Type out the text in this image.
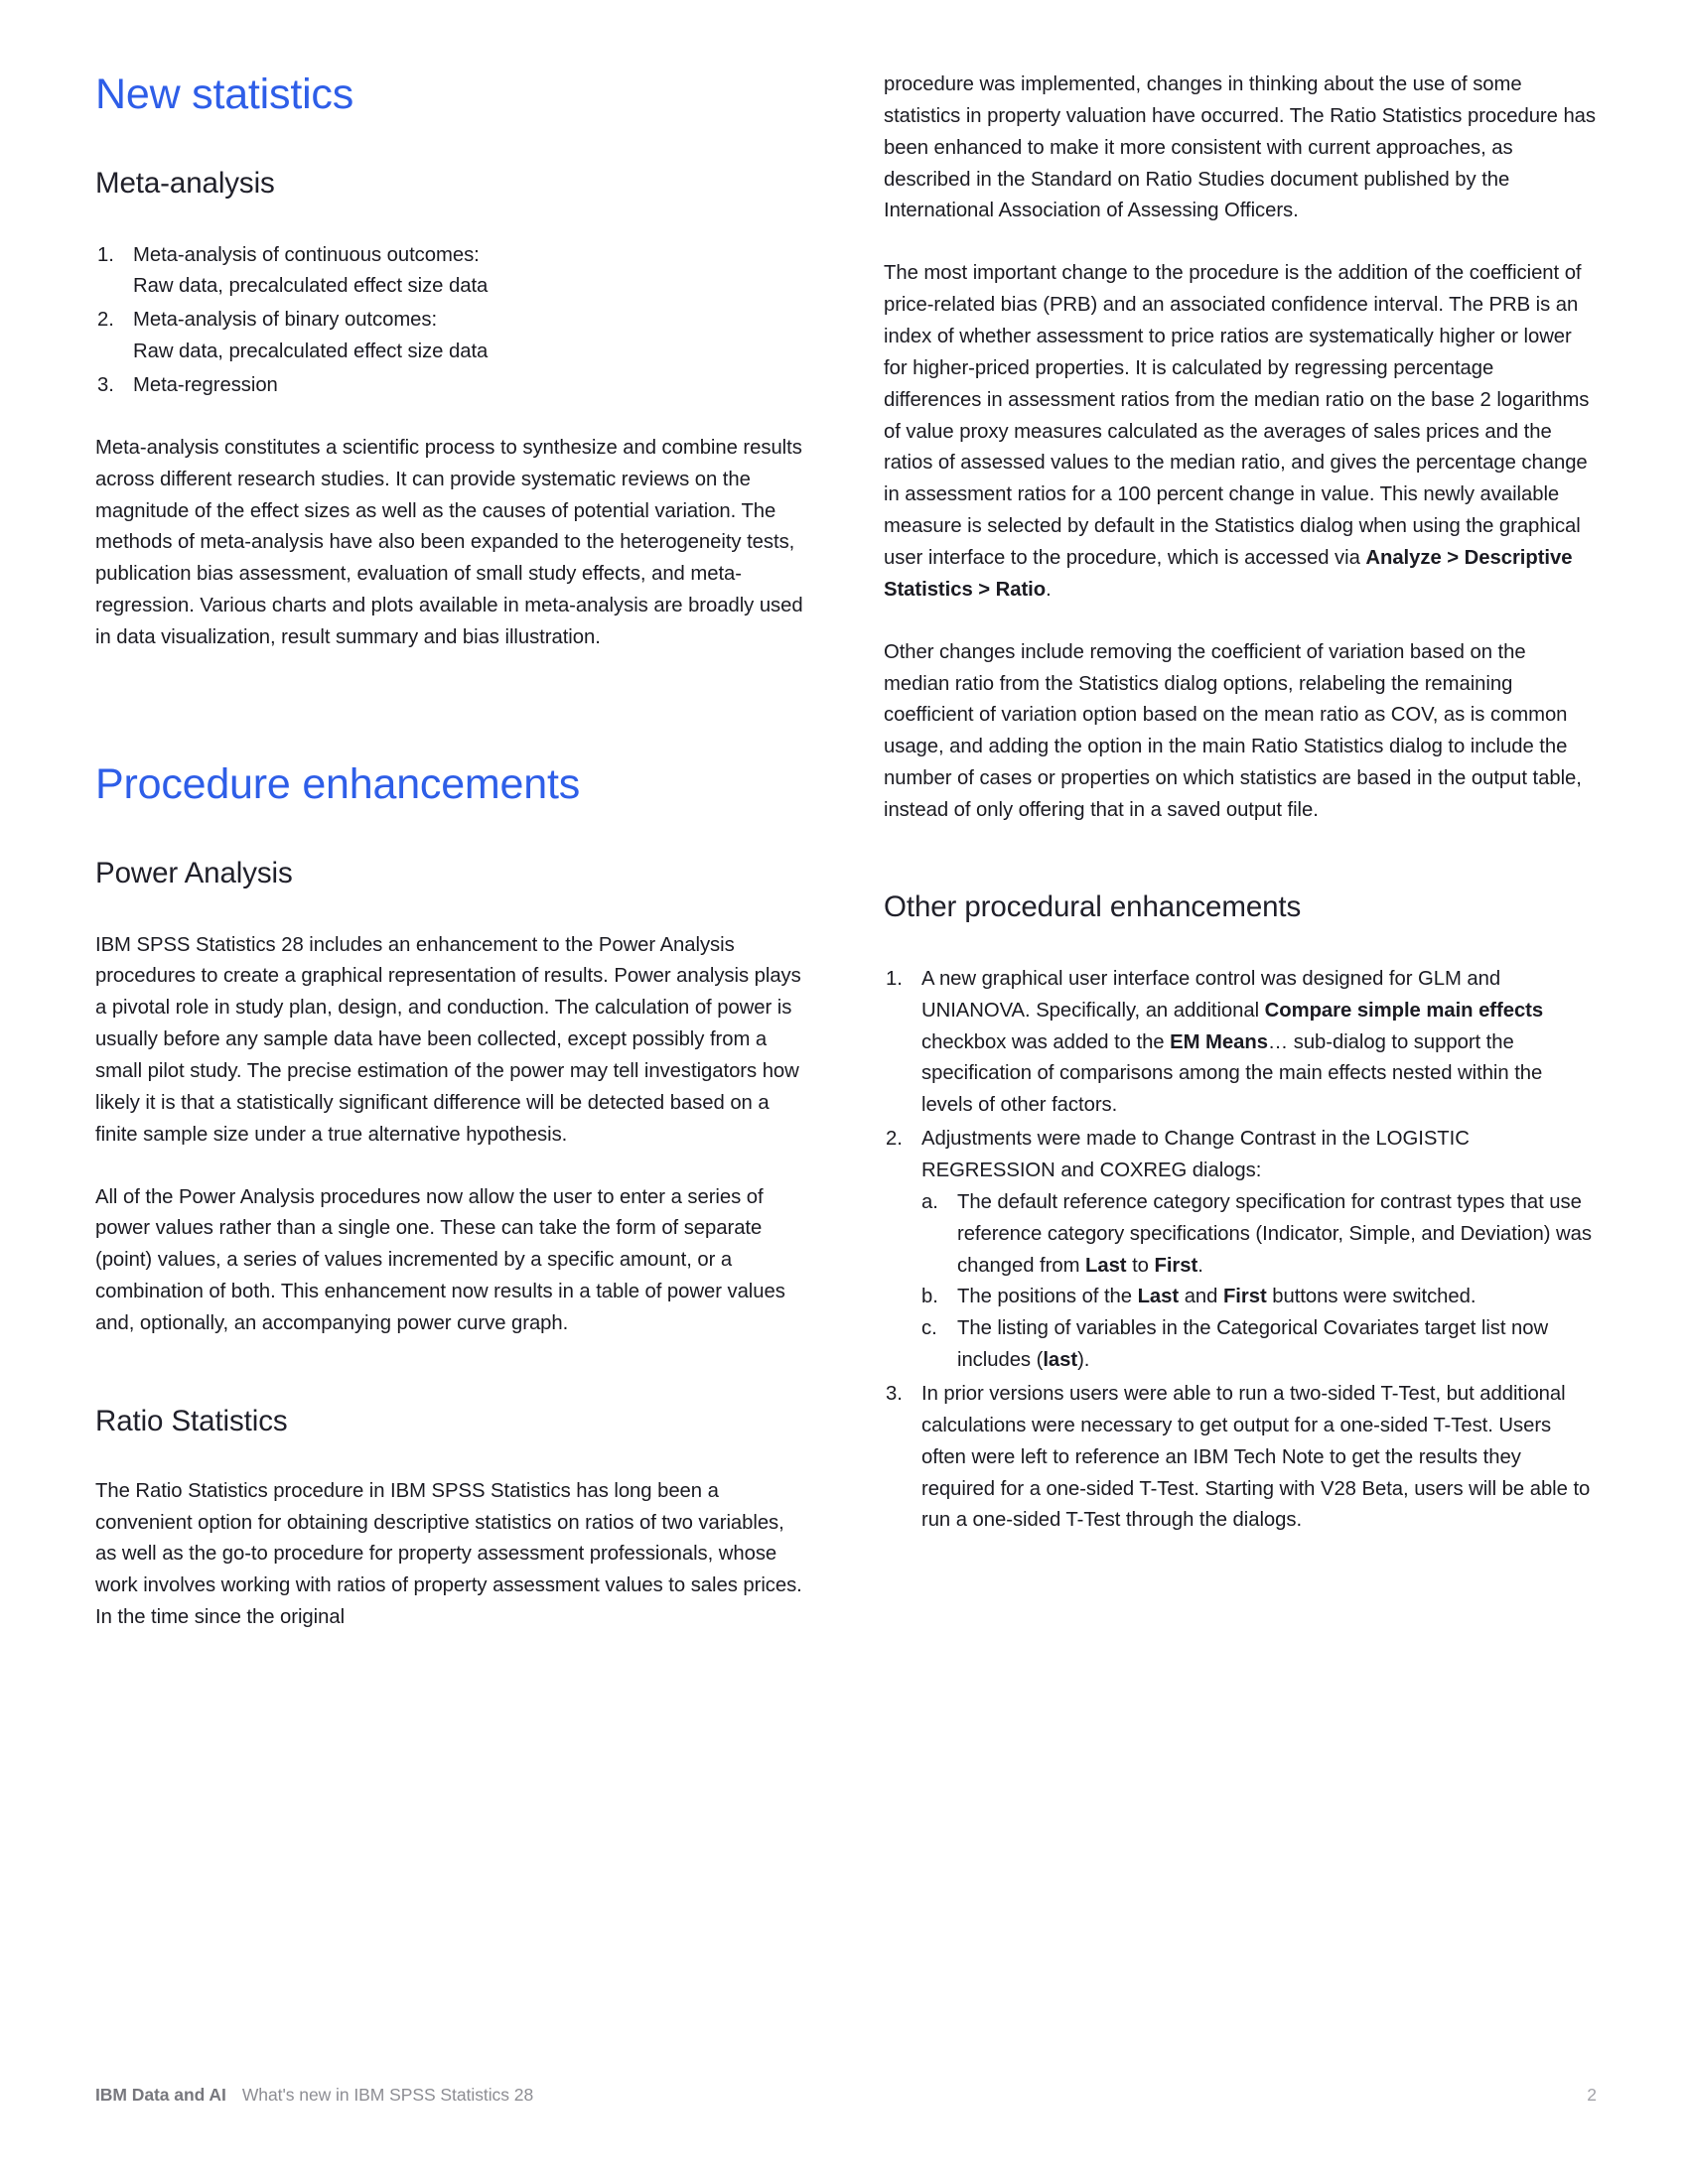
New statistics
Meta-analysis
Meta-analysis of continuous outcomes:
Raw data, precalculated effect size data
Meta-analysis of binary outcomes:
Raw data, precalculated effect size data
Meta-regression

Meta-analysis constitutes a scientific process to synthesize and combine results across different research studies. It can provide systematic reviews on the magnitude of the effect sizes as well as the causes of potential variation. The methods of meta-analysis have also been expanded to the heterogeneity tests, publication bias assessment, evaluation of small study effects, and meta-regression. Various charts and plots available in meta-analysis are broadly used in data visualization, result summary and bias illustration.

Procedure enhancements
Power Analysis

IBM SPSS Statistics 28 includes an enhancement to the Power Analysis procedures to create a graphical representation of results. Power analysis plays a pivotal role in study plan, design, and conduction. The calculation of power is usually before any sample data have been collected, except possibly from a small pilot study. The precise estimation of the power may tell investigators how likely it is that a statistically significant difference will be detected based on a finite sample size under a true alternative hypothesis.

All of the Power Analysis procedures now allow the user to enter a series of power values rather than a single one. These can take the form of separate (point) values, a series of values incremented by a specific amount, or a combination of both. This enhancement now results in a table of power values and, optionally, an accompanying power curve graph.

Ratio Statistics

The Ratio Statistics procedure in IBM SPSS Statistics has long been a convenient option for obtaining descriptive statistics on ratios of two variables, as well as the go-to procedure for property assessment professionals, whose work involves working with ratios of property assessment values to sales prices. In the time since the original

procedure was implemented, changes in thinking about the use of some statistics in property valuation have occurred. The Ratio Statistics procedure has been enhanced to make it more consistent with current approaches, as described in the Standard on Ratio Studies document published by the International Association of Assessing Officers.

The most important change to the procedure is the addition of the coefficient of price-related bias (PRB) and an associated confidence interval. The PRB is an index of whether assessment to price ratios are systematically higher or lower for higher-priced properties. It is calculated by regressing percentage differences in assessment ratios from the median ratio on the base 2 logarithms of value proxy measures calculated as the averages of sales prices and the ratios of assessed values to the median ratio, and gives the percentage change in assessment ratios for a 100 percent change in value. This newly available measure is selected by default in the Statistics dialog when using the graphical user interface to the procedure, which is accessed via Analyze > Descriptive Statistics > Ratio.

Other changes include removing the coefficient of variation based on the median ratio from the Statistics dialog options, relabeling the remaining coefficient of variation option based on the mean ratio as COV, as is common usage, and adding the option in the main Ratio Statistics dialog to include the number of cases or properties on which statistics are based in the output table, instead of only offering that in a saved output file.

Other procedural enhancements
A new graphical user interface control was designed for GLM and UNIANOVA. Specifically, an additional Compare simple main effects checkbox was added to the EM Means… sub-dialog to support the specification of comparisons among the main effects nested within the levels of other factors.
Adjustments were made to Change Contrast in the LOGISTIC REGRESSION and COXREG dialogs:
The default reference category specification for contrast types that use reference category specifications (Indicator, Simple, and Deviation) was changed from Last to First.
The positions of the Last and First buttons were switched.
The listing of variables in the Categorical Covariates target list now includes (last).
In prior versions users were able to run a two-sided T-Test, but additional calculations were necessary to get output for a one-sided T-Test. Users often were left to reference an IBM Tech Note to get the results they required for a one-sided T-Test. Starting with V28 Beta, users will be able to run a one-sided T-Test through the dialogs.
IBM Data and AI What's new in IBM SPSS Statistics 28	2
